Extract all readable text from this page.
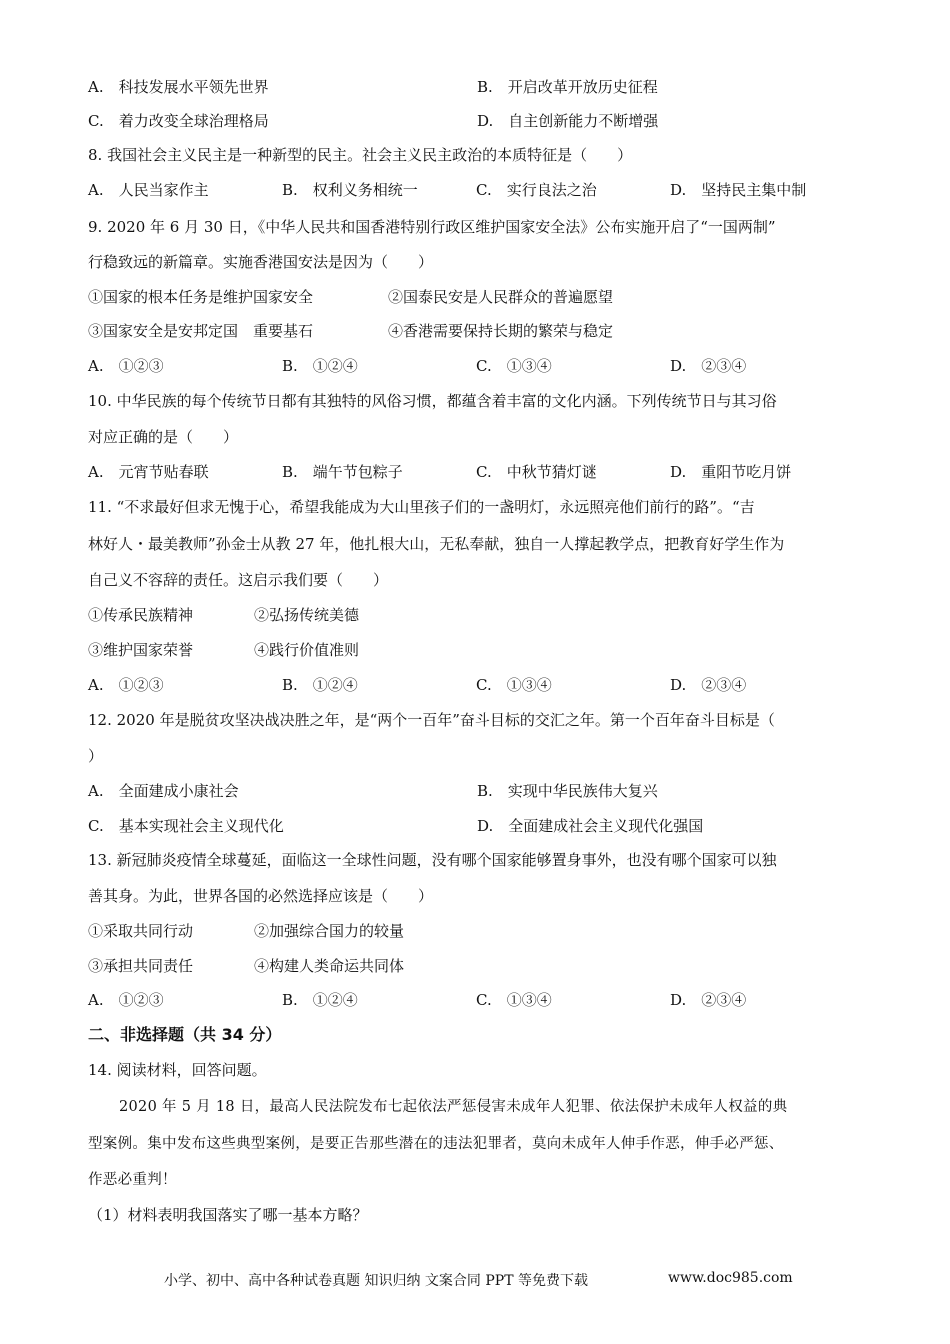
A.　科技发展水平领先世界	B.　开启改革开放历史征程
C.　着力改变全球治理格局	D.　自主创新能力不断增强
8. 我国社会主义民主是一种新型的民主。社会主义民主政治的本质特征是（　　）
A.　人民当家作主	B.　权利义务相统一	C.　实行良法之治	D.　坚持民主集中制
9. 2020 年 6 月 30 日，《中华人民共和国香港特别行政区维护国家安全法》公布实施开启了“一国两制”
行稳致远的新篇章。实施香港国安法是因为（　　）
①国家的根本任务是维护国家安全	②国泰民安是人民群众的普遍愿望
③国家安全是安邦定国　重要基石	④香港需要保持长期的繁荣与稳定
A.　①②③	B.　①②④	C.　①③④	D.　②③④
10. 中华民族的每个传统节日都有其独特的风俗习惯，都蕴含着丰富的文化内涵。下列传统节日与其习俗
对应正确的是（　　）
A.　元宵节贴春联	B.　端午节包粽子	C.　中秋节猜灯谜	D.　重阳节吃月饼
11. “不求最好但求无愧于心，希望我能成为大山里孩子们的一盏明灯，永远照亮他们前行的路”。“吉
林好人・最美教师”孙金士从教 27 年，他扎根大山，无私奉献，独自一人撑起教学点，把教育好学生作为
自己义不容辞的责任。这启示我们要（　　）
①传承民族精神	②弘扬传统美德
③维护国家荣誉	④践行价值准则
A.　①②③	B.　①②④	C.　①③④	D.　②③④
12. 2020 年是脱贫攻坚决战决胜之年，是“两个一百年”奋斗目标的交汇之年。第一个百年奋斗目标是（
）
A.　全面建成小康社会	B.　实现中华民族伟大复兴
C.　基本实现社会主义现代化	D.　全面建成社会主义现代化强国
13. 新冠肺炎疫情全球蔓延，面临这一全球性问题，没有哪个国家能够置身事外，也没有哪个国家可以独
善其身。为此，世界各国的必然选择应该是（　　）
①采取共同行动	②加强综合国力的较量
③承担共同责任	④构建人类命运共同体
A.　①②③	B.　①②④	C.　①③④	D.　②③④
二、非选择题（共 34 分）
14. 阅读材料，回答问题。
2020 年 5 月 18 日，最高人民法院发布七起依法严惩侵害未成年人犯罪、依法保护未成年人权益的典
型案例。集中发布这些典型案例，是要正告那些潜在的违法犯罪者，莫向未成年人伸手作恶，伸手必严惩、
作恶必重判！
（1）材料表明我国落实了哪一基本方略？
小学、初中、高中各种试卷真题 知识归纳 文案合同 PPT 等免费下载	www.doc985.com
